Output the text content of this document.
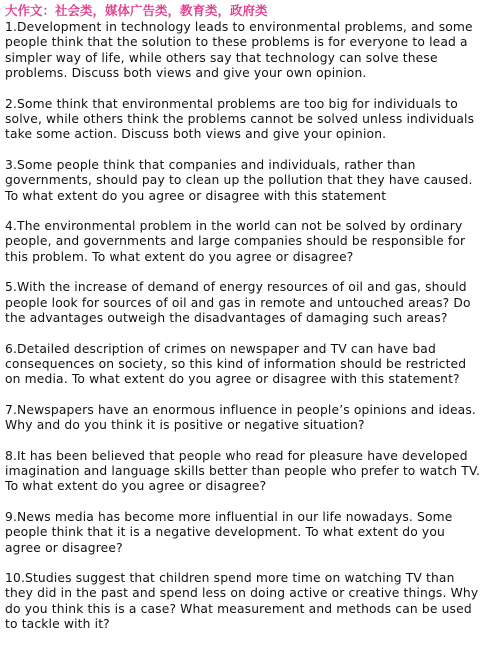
大作文：社会类，媒体广告类，教育类，政府类

1.Development in technology leads to environmental problems, and some people think that the solution to these problems is for everyone to lead a simpler way of life, while others say that technology can solve these problems. Discuss both views and give your own opinion.

2.Some think that environmental problems are too big for individuals to solve, while others think the problems cannot be solved unless individuals take some action. Discuss both views and give your opinion.

3.Some people think that companies and individuals, rather than governments, should pay to clean up the pollution that they have caused. To what extent do you agree or disagree with this statement

4.The environmental problem in the world can not be solved by ordinary people, and governments and large companies should be responsible for this problem. To what extent do you agree or disagree?

5.With the increase of demand of energy resources of oil and gas, should people look for sources of oil and gas in remote and untouched areas? Do the advantages outweigh the disadvantages of damaging such areas?

6.Detailed description of crimes on newspaper and TV can have bad consequences on society, so this kind of information should be restricted on media. To what extent do you agree or disagree with this statement?

7.Newspapers have an enormous influence in people’s opinions and ideas. Why and do you think it is positive or negative situation?

8.It has been believed that people who read for pleasure have developed imagination and language skills better than people who prefer to watch TV. To what extent do you agree or disagree?

9.News media has become more influential in our life nowadays. Some people think that it is a negative development. To what extent do you agree or disagree?

10.Studies suggest that children spend more time on watching TV than they did in the past and spend less on doing active or creative things. Why do you think this is a case? What measurement and methods can be used to tackle with it?
